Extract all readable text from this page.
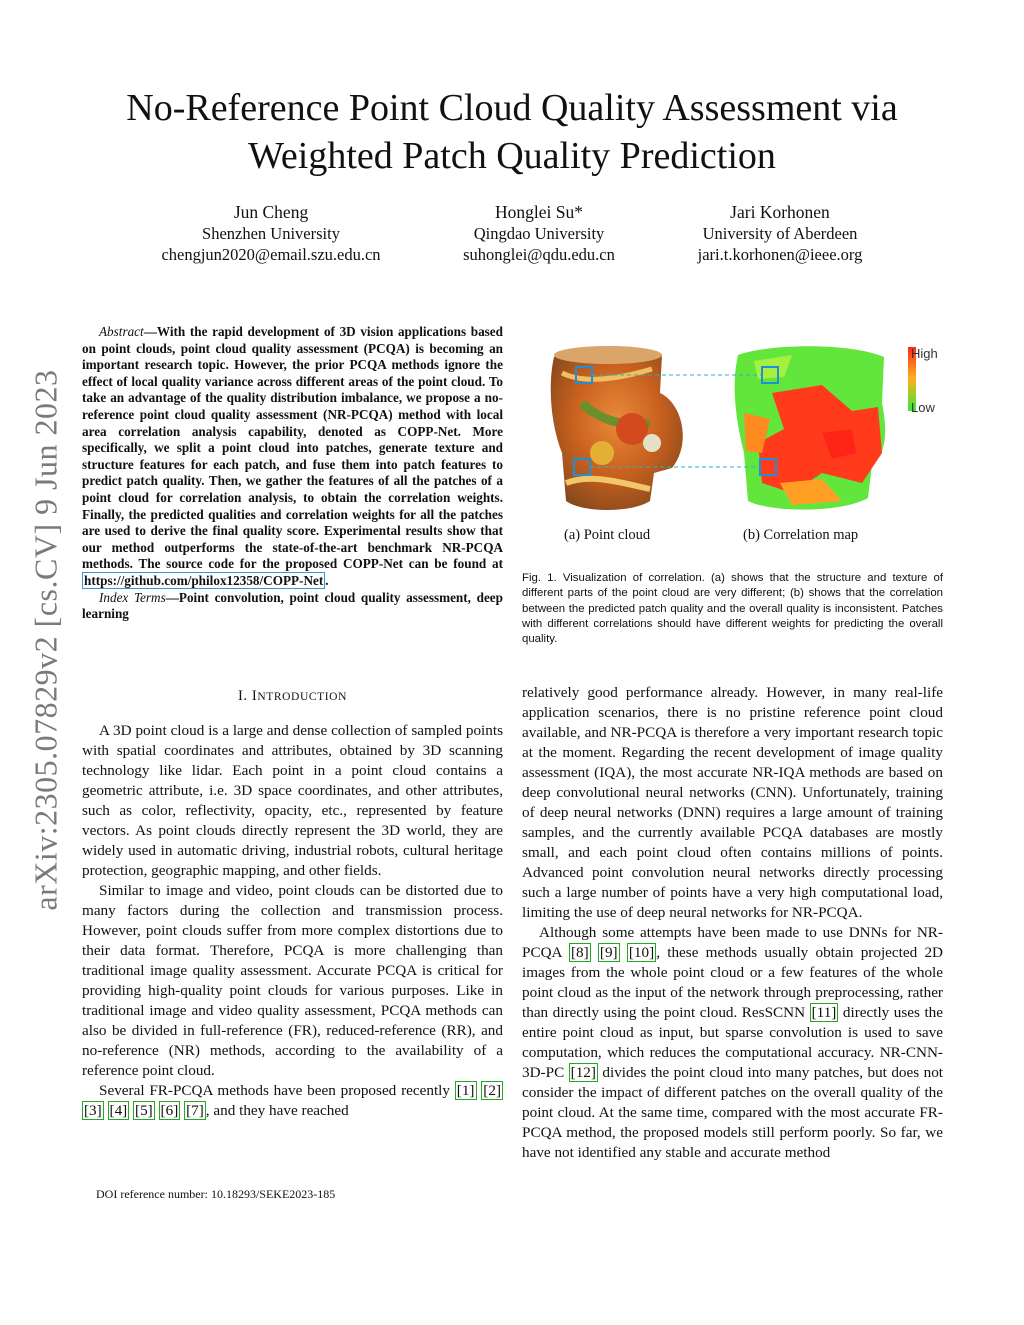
No-Reference Point Cloud Quality Assessment via
Weighted Patch Quality Prediction
Jun Cheng
Shenzhen University
chengjun2020@email.szu.edu.cn
Honglei Su*
Qingdao University
suhonglei@qdu.edu.cn
Jari Korhonen
University of Aberdeen
jari.t.korhonen@ieee.org
arXiv:2305.07829v2 [cs.CV] 9 Jun 2023

Abstract—With the rapid development of 3D vision applications based on point clouds, point cloud quality assessment (PCQA) is becoming an important research topic. However, the prior PCQA methods ignore the effect of local quality variance across different areas of the point cloud. To take an advantage of the quality distribution imbalance, we propose a no-reference point cloud quality assessment (NR-PCQA) method with local area correlation analysis capability, denoted as COPP-Net. More specifically, we split a point cloud into patches, generate texture and structure features for each patch, and fuse them into patch features to predict patch quality. Then, we gather the features of all the patches of a point cloud for correlation analysis, to obtain the correlation weights. Finally, the predicted qualities and correlation weights for all the patches are used to derive the final quality score. Experimental results show that our method outperforms the state-of-the-art benchmark NR-PCQA methods. The source code for the proposed COPP-Net can be found at https://github.com/philox12358/COPP-Net .

Index Terms—Point convolution, point cloud quality assessment, deep learning

I. INTRODUCTION

A 3D point cloud is a large and dense collection of sampled points with spatial coordinates and attributes, obtained by 3D scanning technology like lidar. Each point in a point cloud contains a geometric attribute, i.e. 3D space coordinates, and other attributes, such as color, reflectivity, opacity, etc., represented by feature vectors. As point clouds directly represent the 3D world, they are widely used in automatic driving, industrial robots, cultural heritage protection, geographic mapping, and other fields.

Similar to image and video, point clouds can be distorted due to many factors during the collection and transmission process. However, point clouds suffer from more complex distortions due to their data format. Therefore, PCQA is more challenging than traditional image quality assessment. Accurate PCQA is critical for providing high-quality point clouds for various purposes. Like in traditional image and video quality assessment, PCQA methods can also be divided in full-reference (FR), reduced-reference (RR), and no-reference (NR) methods, according to the availability of a reference point cloud.

Several FR-PCQA methods have been proposed recently [1] [2] [3] [4] [5] [6] [7] , and they have reached

DOI reference number: 10.18293/SEKE2023-185
High
Low
(a) Point cloud	(b) Correlation map
Fig. 1. Visualization of correlation. (a) shows that the structure and texture of different parts of the point cloud are very different; (b) shows that the correlation between the predicted patch quality and the overall quality is inconsistent. Patches with different correlations should have different weights for predicting the overall quality.

relatively good performance already. However, in many real-life application scenarios, there is no pristine reference point cloud available, and NR-PCQA is therefore a very important research topic at the moment. Regarding the recent development of image quality assessment (IQA), the most accurate NR-IQA methods are based on deep convolutional neural networks (CNN). Unfortunately, training of deep neural networks (DNN) requires a large amount of training samples, and the currently available PCQA databases are mostly small, and each point cloud often contains millions of points. Advanced point convolution neural networks directly processing such a large number of points have a very high computational load, limiting the use of deep neural networks for NR-PCQA.

Although some attempts have been made to use DNNs for NR-PCQA [8] [9] [10] , these methods usually obtain projected 2D images from the whole point cloud or a few features of the whole point cloud as the input of the network through preprocessing, rather than directly using the point cloud. ResSCNN [11] directly uses the entire point cloud as input, but sparse convolution is used to save computation, which reduces the computational accuracy. NR-CNN-3D-PC [12] divides the point cloud into many patches, but does not consider the impact of different patches on the overall quality of the point cloud. At the same time, compared with the most accurate FR-PCQA method, the proposed models still perform poorly. So far, we have not identified any stable and accurate method
